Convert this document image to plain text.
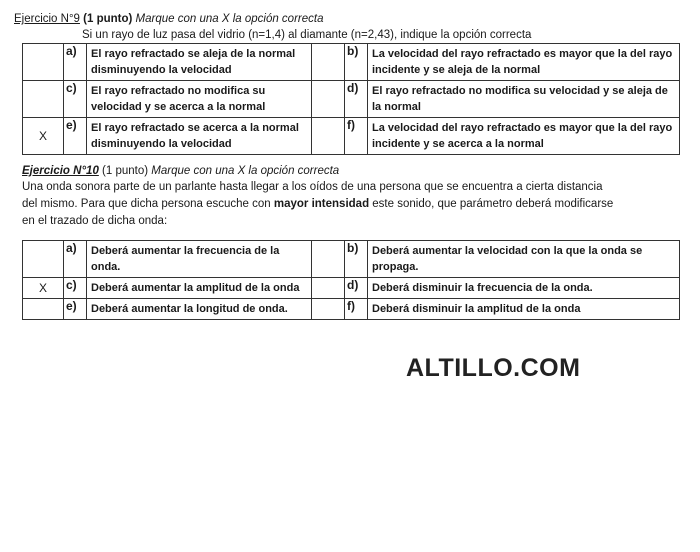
Ejercicio N°9 (1 punto) Marque con una X la opción correcta
Si un rayo de luz pasa del vidrio (n=1,4) al diamante (n=2,43), indique la opción correcta
	a)	El rayo refractado se aleja de la normal disminuyendo la velocidad		b)	La velocidad del rayo refractado es mayor que la del rayo incidente y se aleja de la normal
	c)	El rayo refractado no modifica su velocidad y se acerca a la normal		d)	El rayo refractado no modifica su velocidad y se aleja de la normal
X	e)	El rayo refractado se acerca a la normal disminuyendo la velocidad		f)	La velocidad del rayo refractado es mayor que la del rayo incidente y se acerca a la normal
Ejercicio N°10 (1 punto) Marque con una X la opción correcta
Una onda sonora parte de un parlante hasta llegar a los oídos de una persona que se encuentra a cierta distancia
del mismo. Para que dicha persona escuche con mayor intensidad este sonido, que parámetro deberá modificarse
en el trazado de dicha onda:
	a)	Deberá aumentar la frecuencia de la onda.		b)	Deberá aumentar la velocidad con la que la onda se propaga.
X	c)	Deberá aumentar la amplitud de la onda		d)	Deberá disminuir la frecuencia de la onda.
	e)	Deberá aumentar la longitud de onda.		f)	Deberá disminuir la amplitud de la onda
ALTILLO.COM
